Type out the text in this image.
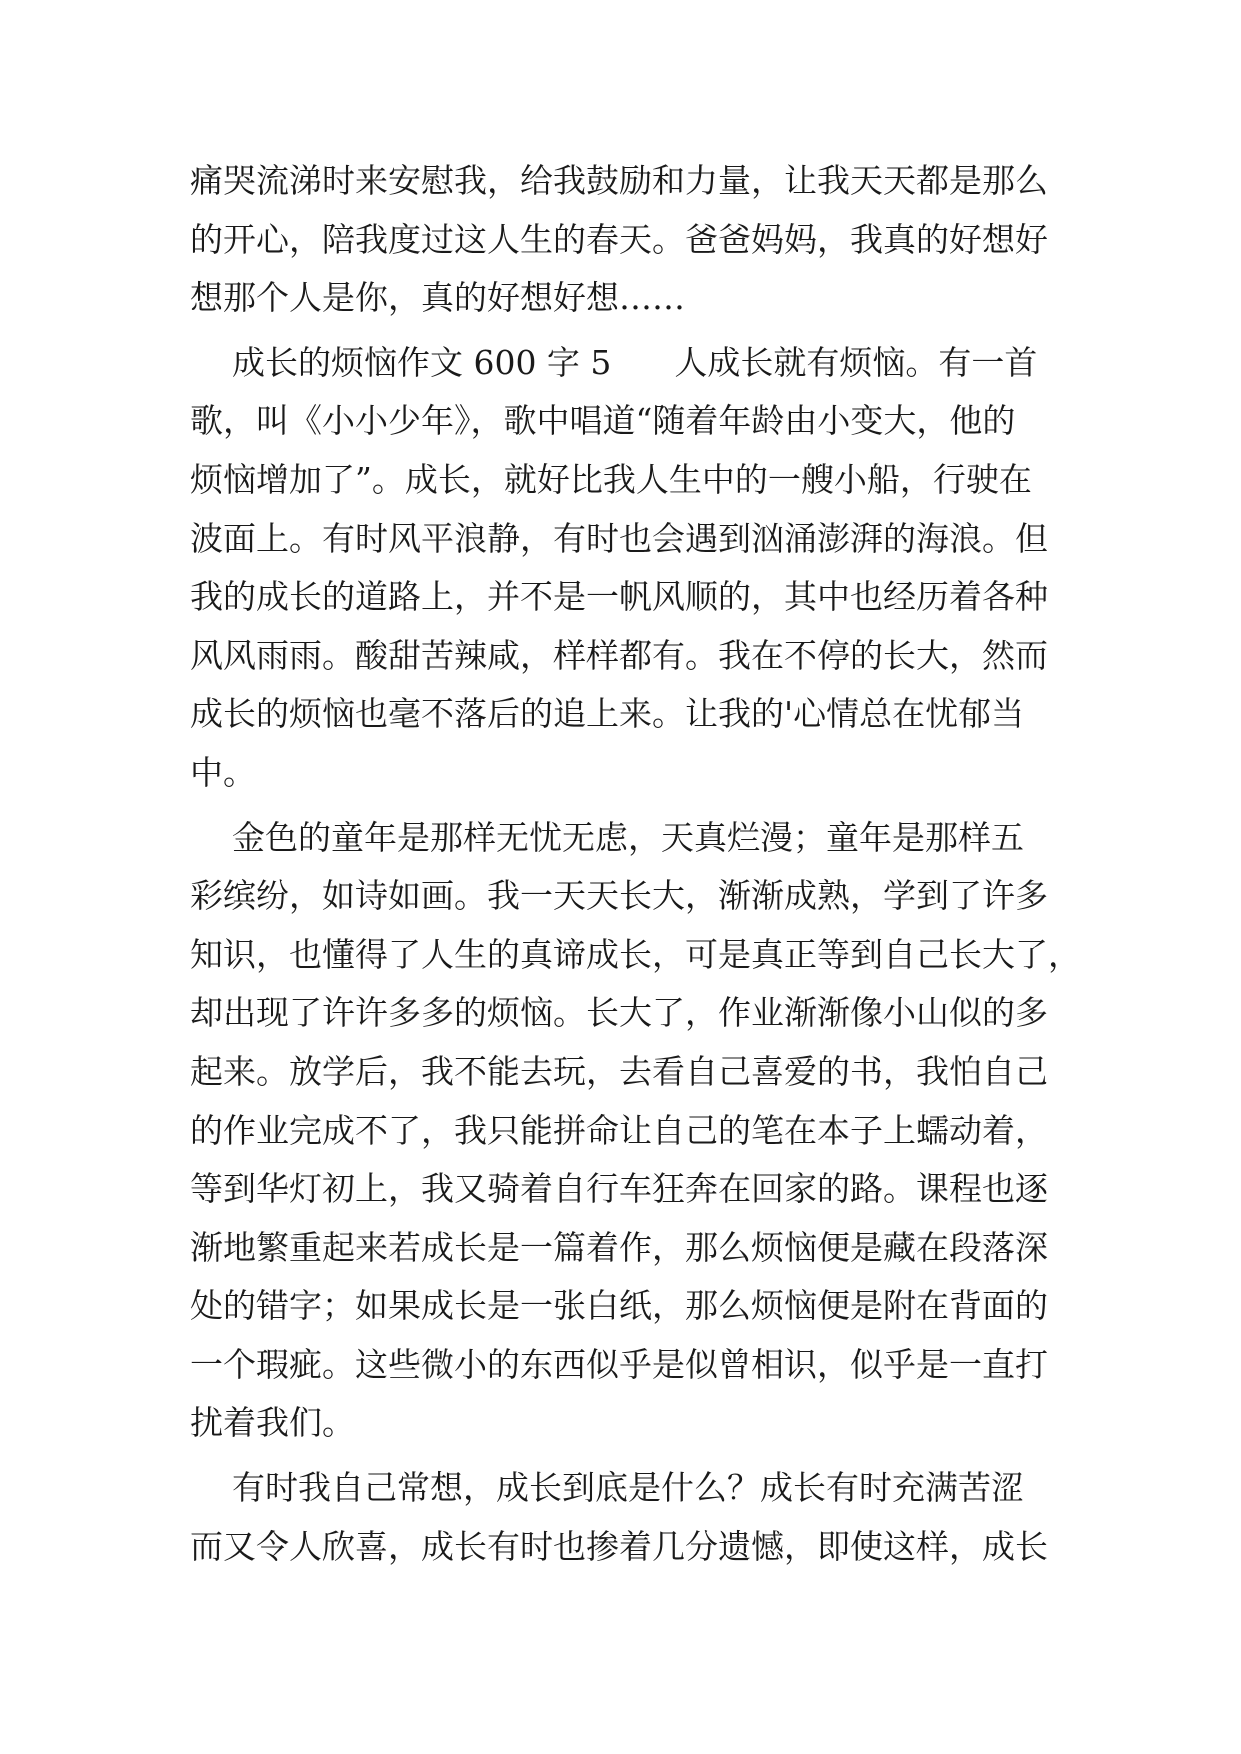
痛哭流涕时来安慰我，给我鼓励和力量，让我天天都是那么
的开心，陪我度过这人生的春天。爸爸妈妈，我真的好想好
想那个人是你，真的好想好想……

成长的烦恼作文 600 字 5      人成长就有烦恼。有一首
歌，叫《小小少年》，歌中唱道“随着年龄由小变大，他的
烦恼增加了”。成长，就好比我人生中的一艘小船，行驶在
波面上。有时风平浪静，有时也会遇到汹涌澎湃的海浪。但
我的成长的道路上，并不是一帆风顺的，其中也经历着各种
风风雨雨。酸甜苦辣咸，样样都有。我在不停的长大，然而
成长的烦恼也毫不落后的追上来。让我的'心情总在忧郁当
中。

金色的童年是那样无忧无虑，天真烂漫；童年是那样五
彩缤纷，如诗如画。我一天天长大，渐渐成熟，学到了许多
知识，也懂得了人生的真谛成长，可是真正等到自己长大了，
却出现了许许多多的烦恼。长大了，作业渐渐像小山似的多
起来。放学后，我不能去玩，去看自己喜爱的书，我怕自己
的作业完成不了，我只能拼命让自己的笔在本子上蠕动着，
等到华灯初上，我又骑着自行车狂奔在回家的路。课程也逐
渐地繁重起来若成长是一篇着作，那么烦恼便是藏在段落深
处的错字；如果成长是一张白纸，那么烦恼便是附在背面的
一个瑕疵。这些微小的东西似乎是似曾相识，似乎是一直打
扰着我们。

有时我自己常想，成长到底是什么？成长有时充满苦涩
而又令人欣喜，成长有时也掺着几分遗憾，即使这样，成长
